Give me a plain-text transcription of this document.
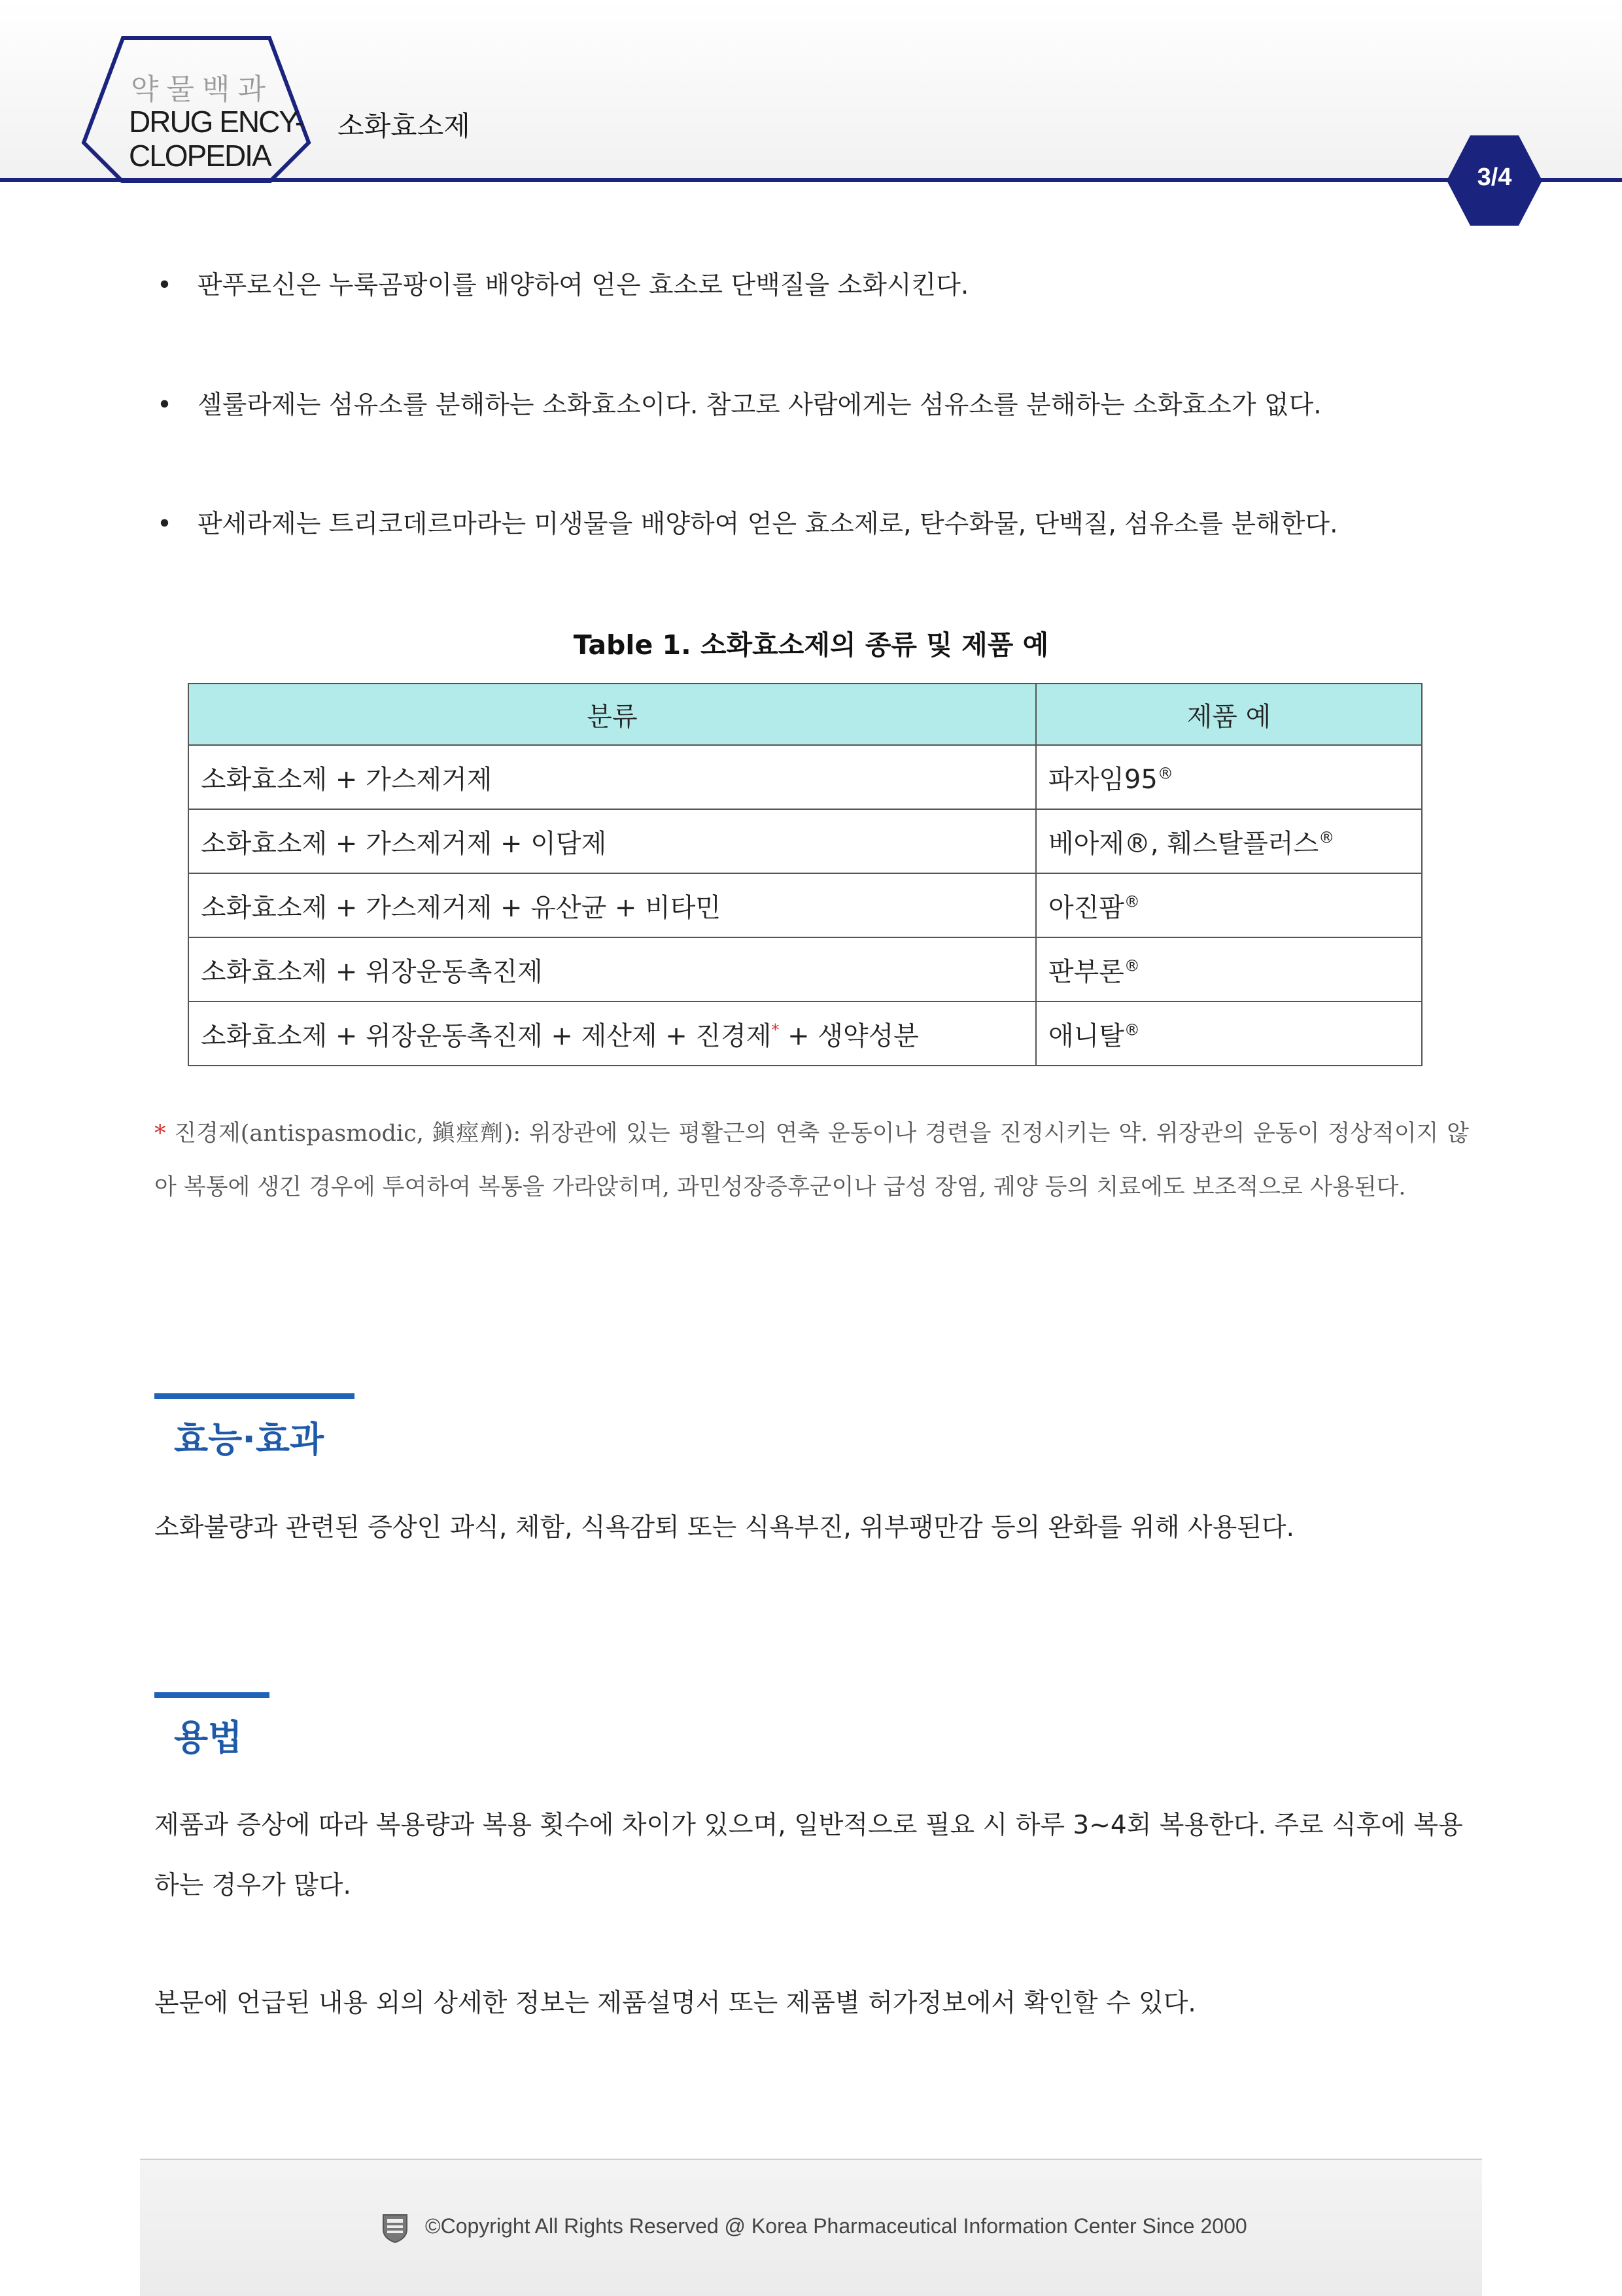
약물백과
DRUG ENCY-
CLOPEDIA
소화효소제
3/4
• 판푸로신은 누룩곰팡이를 배양하여 얻은 효소로 단백질을 소화시킨다.
• 셀룰라제는 섬유소를 분해하는 소화효소이다. 참고로 사람에게는 섬유소를 분해하는 소화효소가 없다.
• 판세라제는 트리코데르마라는 미생물을 배양하여 얻은 효소제로, 탄수화물, 단백질, 섬유소를 분해한다.
Table 1. 소화효소제의 종류 및 제품 예
분류	제품 예
소화효소제 + 가스제거제	파자임95®
소화효소제 + 가스제거제 + 이담제	베아제®, 훼스탈플러스®
소화효소제 + 가스제거제 + 유산균 + 비타민	아진팜®
소화효소제 + 위장운동촉진제	판부론®
소화효소제 + 위장운동촉진제 + 제산제 + 진경제* + 생약성분	애니탈®
* 진경제(antispasmodic, 鎭痙劑): 위장관에 있는 평활근의 연축 운동이나 경련을 진정시키는 약. 위장관의 운동이 정상적이지 않아 복통에 생긴 경우에 투여하여 복통을 가라앉히며, 과민성장증후군이나 급성 장염, 궤양 등의 치료에도 보조적으로 사용된다.
효능·효과
소화불량과 관련된 증상인 과식, 체함, 식욕감퇴 또는 식욕부진, 위부팽만감 등의 완화를 위해 사용된다.
용법
제품과 증상에 따라 복용량과 복용 횟수에 차이가 있으며, 일반적으로 필요 시 하루 3~4회 복용한다. 주로 식후에 복용하는 경우가 많다.
본문에 언급된 내용 외의 상세한 정보는 제품설명서 또는 제품별 허가정보에서 확인할 수 있다.
©Copyright All Rights Reserved @ Korea Pharmaceutical Information Center Since 2000
